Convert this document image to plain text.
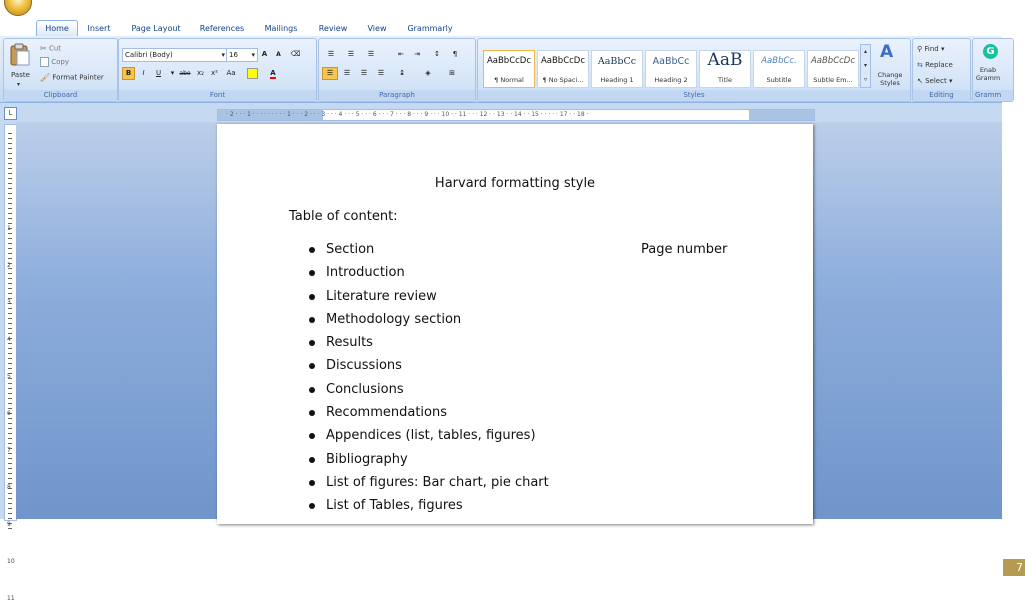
Home	Insert	Page Layout	References	Mailings	Review	View	Grammarly
Paste
▾
✂ Cut
Copy
🖌 Format Painter
Clipboard
Calibri (Body)	▾ 16 ▾ A	A	⌫
B	I	U	▾ abe x₂	x²	Aa	A
Font
☰	☰	☰	⇤	⇥	↕	¶
☰	☰	☰	☰	↨	◈	⊞
Paragraph
AaBbCcDc
¶ Normal
AaBbCcDc
¶ No Spaci...
AaBbCc
Heading 1
AaBbCc
Heading 2
AaB
Title
AaBbCc.
Subtitle
AaBbCcDc
Subtle Em...
▴
▾
▿
A
Change Styles
Styles
⚲ Find ▾
⇆ Replace
↖ Select ▾
Editing
G
Enab Gramm
Gramm
L	· 2 · · · 1 · · · · · · · · · 1 · · · 2 · · · 3 · · · 4 · · · 5 · · · 6 · · · 7 · · · 8 · · · 9 · · · 10 · · 11 · · · 12 · · 13 · · 14 · · 15 · · · · · 17 · · 18 ·
1
2
3
4
5
6
7
8
9
10
11
Harvard formatting style
Table of content:
Page number
Section
Introduction
Literature review
Methodology section
Results
Discussions
Conclusions
Recommendations
Appendices (list, tables, figures)
Bibliography
List of figures: Bar chart, pie chart
List of Tables, figures
7
